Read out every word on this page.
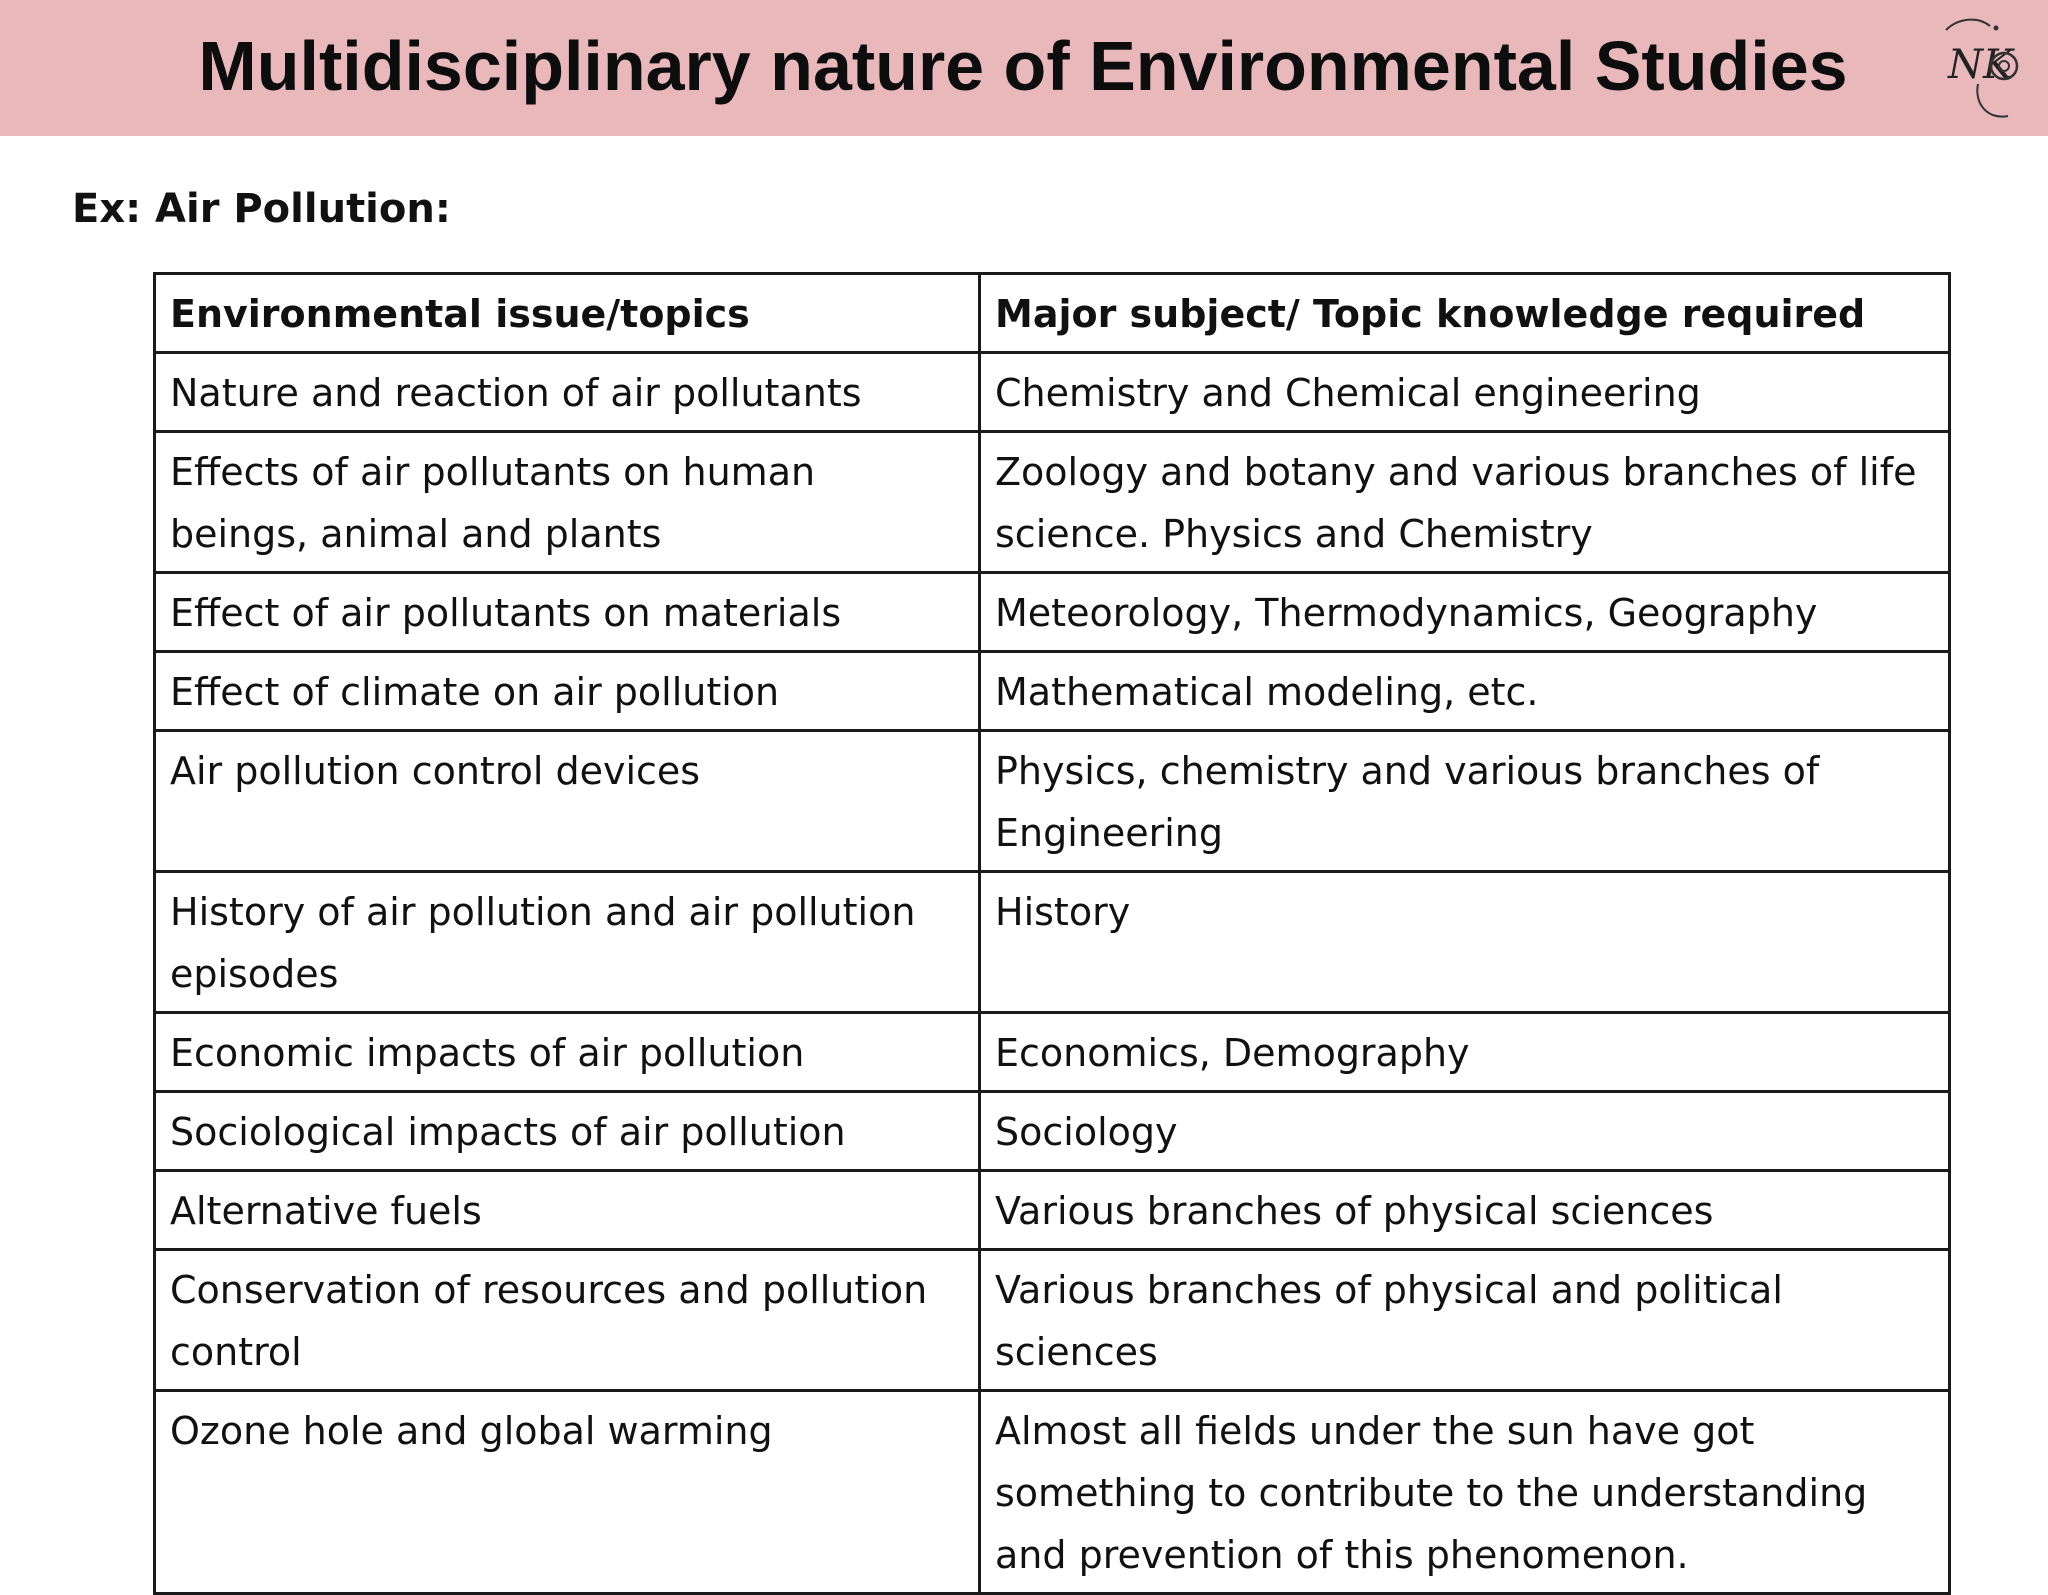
Multidisciplinary nature of Environmental Studies	NK
Ex: Air Pollution:
Environmental issue/topics	Major subject/ Topic knowledge required
Nature and reaction of air pollutants	Chemistry and Chemical engineering
Effects of air pollutants on human beings, animal and plants	Zoology and botany and various branches of life science. Physics and Chemistry
Effect of air pollutants on materials	Meteorology, Thermodynamics, Geography
Effect of climate on air pollution	Mathematical modeling, etc.
Air pollution control devices	Physics, chemistry and various branches of Engineering
History of air pollution and air pollution episodes	History
Economic impacts of air pollution	Economics, Demography
Sociological impacts of air pollution	Sociology
Alternative fuels	Various branches of physical sciences
Conservation of resources and pollution control	Various branches of physical and political sciences
Ozone hole and global warming	Almost all fields under the sun have got something to contribute to the understanding and prevention of this phenomenon.
